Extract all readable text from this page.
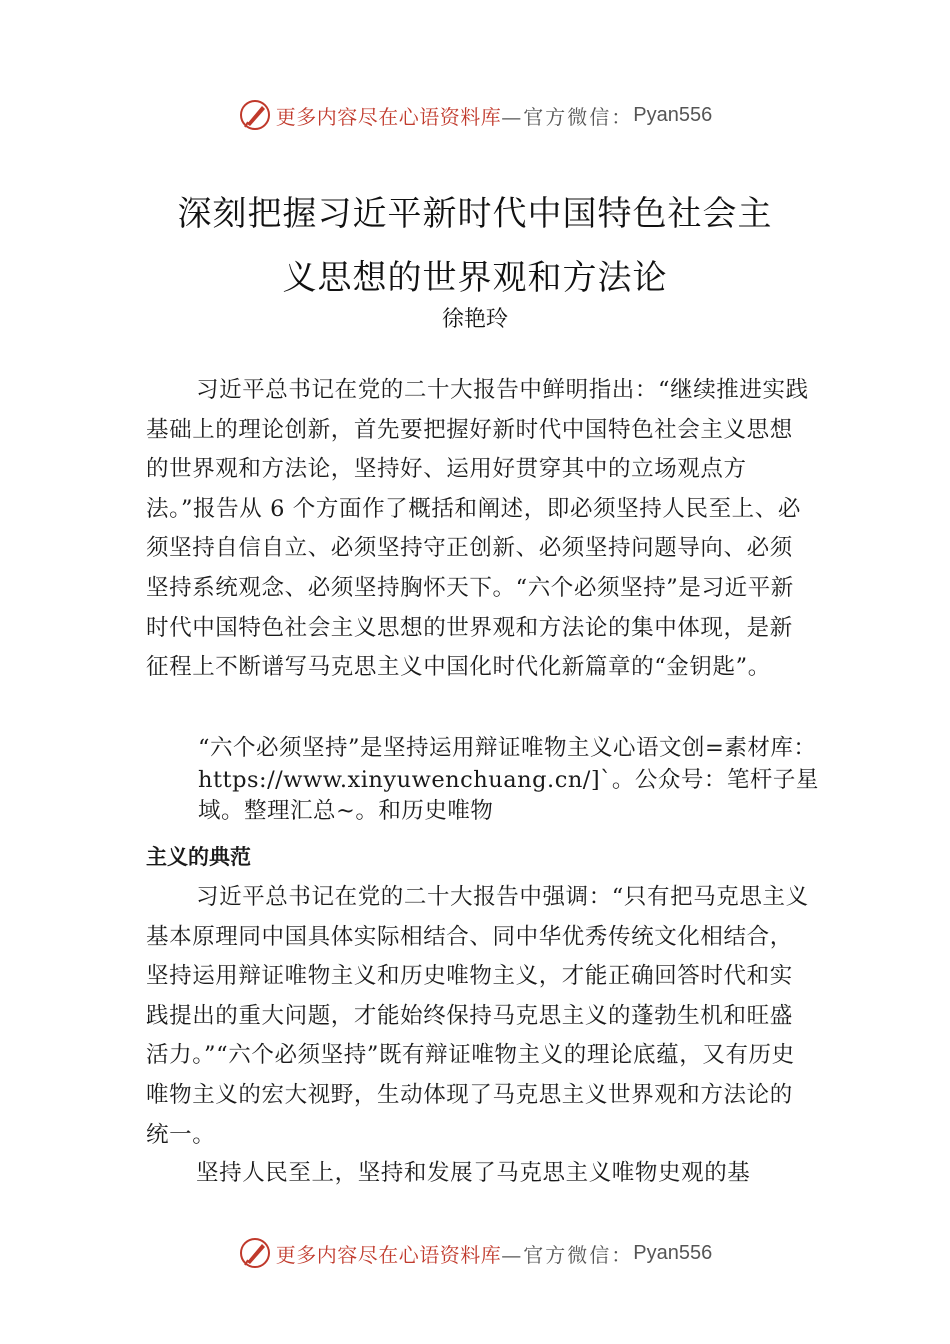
更多内容尽在心语资料库 —官方微信： Pyan556
深刻把握习近平新时代中国特色社会主
义思想的世界观和方法论
徐艳玲

习近平总书记在党的二十大报告中鲜明指出：“继续推进实践基础上的理论创新，首先要把握好新时代中国特色社会主义思想的世界观和方法论，坚持好、运用好贯穿其中的立场观点方法。”报告从 6 个方面作了概括和阐述，即必须坚持人民至上、必须坚持自信自立、必须坚持守正创新、必须坚持问题导向、必须坚持系统观念、必须坚持胸怀天下。“六个必须坚持”是习近平新时代中国特色社会主义思想的世界观和方法论的集中体现，是新征程上不断谱写马克思主义中国化时代化新篇章的“金钥匙”。

“六个必须坚持”是坚持运用辩证唯物主义心语文创=素材库：https://www.xinyuwenchuang.cn/]`。公众号：笔杆子星域。整理汇总~。和历史唯物

主义的典范

习近平总书记在党的二十大报告中强调：“只有把马克思主义基本原理同中国具体实际相结合、同中华优秀传统文化相结合，坚持运用辩证唯物主义和历史唯物主义，才能正确回答时代和实践提出的重大问题，才能始终保持马克思主义的蓬勃生机和旺盛活力。”“六个必须坚持”既有辩证唯物主义的理论底蕴，又有历史唯物主义的宏大视野，生动体现了马克思主义世界观和方法论的统一。

坚持人民至上，坚持和发展了马克思主义唯物史观的基

更多内容尽在心语资料库 —官方微信： Pyan556
